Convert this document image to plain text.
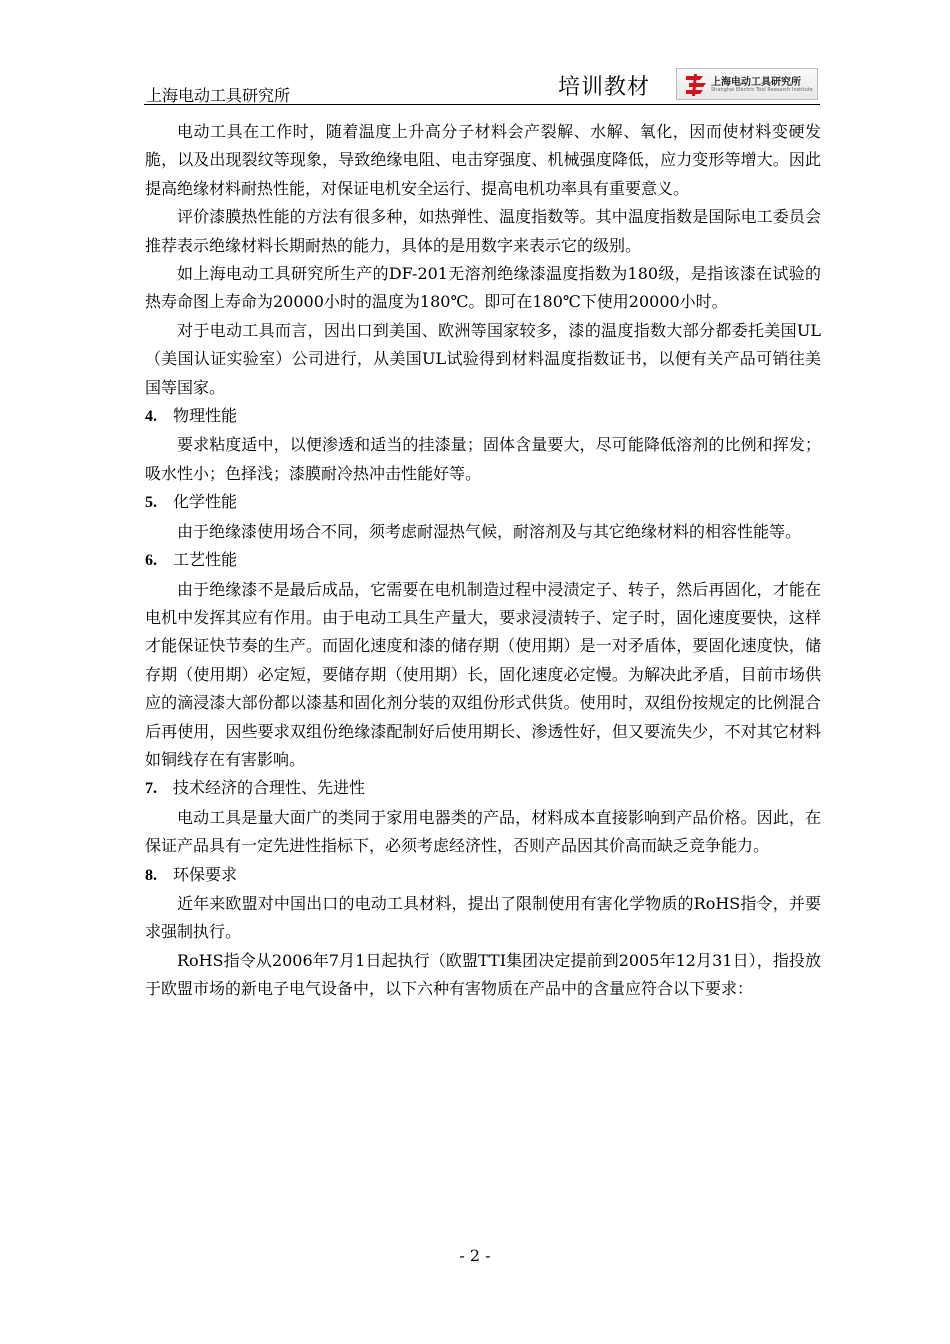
上海电动工具研究所	培训教材	上海电动工具研究所
Shanghai Electric Tool Research Institute

电动工具在工作时，随着温度上升高分子材料会产裂解、水解、氧化，因而使材料变硬发脆，以及出现裂纹等现象，导致绝缘电阻、电击穿强度、机械强度降低，应力变形等增大。因此提高绝缘材料耐热性能，对保证电机安全运行、提高电机功率具有重要意义。

评价漆膜热性能的方法有很多种，如热弹性、温度指数等。其中温度指数是国际电工委员会推荐表示绝缘材料长期耐热的能力，具体的是用数字来表示它的级别。

如上海电动工具研究所生产的DF-201无溶剂绝缘漆温度指数为180级，是指该漆在试验的热寿命图上寿命为20000小时的温度为180℃。即可在180℃下使用20000小时。

对于电动工具而言，因出口到美国、欧洲等国家较多，漆的温度指数大部分都委托美国UL（美国认证实验室）公司进行，从美国UL试验得到材料温度指数证书，以便有关产品可销往美国等国家。

4. 物理性能

要求粘度适中，以便渗透和适当的挂漆量；固体含量要大，尽可能降低溶剂的比例和挥发；吸水性小；色择浅；漆膜耐冷热冲击性能好等。

5. 化学性能

由于绝缘漆使用场合不同，须考虑耐湿热气候，耐溶剂及与其它绝缘材料的相容性能等。

6. 工艺性能

由于绝缘漆不是最后成品，它需要在电机制造过程中浸渍定子、转子，然后再固化，才能在电机中发挥其应有作用。由于电动工具生产量大，要求浸渍转子、定子时，固化速度要快，这样才能保证快节奏的生产。而固化速度和漆的储存期（使用期）是一对矛盾体，要固化速度快，储存期（使用期）必定短，要储存期（使用期）长，固化速度必定慢。为解决此矛盾，目前市场供应的滴浸漆大部份都以漆基和固化剂分装的双组份形式供货。使用时，双组份按规定的比例混合后再使用，因些要求双组份绝缘漆配制好后使用期长、渗透性好，但又要流失少，不对其它材料如铜线存在有害影响。

7. 技术经济的合理性、先进性

电动工具是量大面广的类同于家用电器类的产品，材料成本直接影响到产品价格。因此，在保证产品具有一定先进性指标下，必须考虑经济性，否则产品因其价高而缺乏竞争能力。

8. 环保要求

近年来欧盟对中国出口的电动工具材料，提出了限制使用有害化学物质的RoHS指令，并要求强制执行。

RoHS指令从2006年7月1日起执行（欧盟TTI集团决定提前到2005年12月31日），指投放于欧盟市场的新电子电气设备中，以下六种有害物质在产品中的含量应符合以下要求：

- 2 -
